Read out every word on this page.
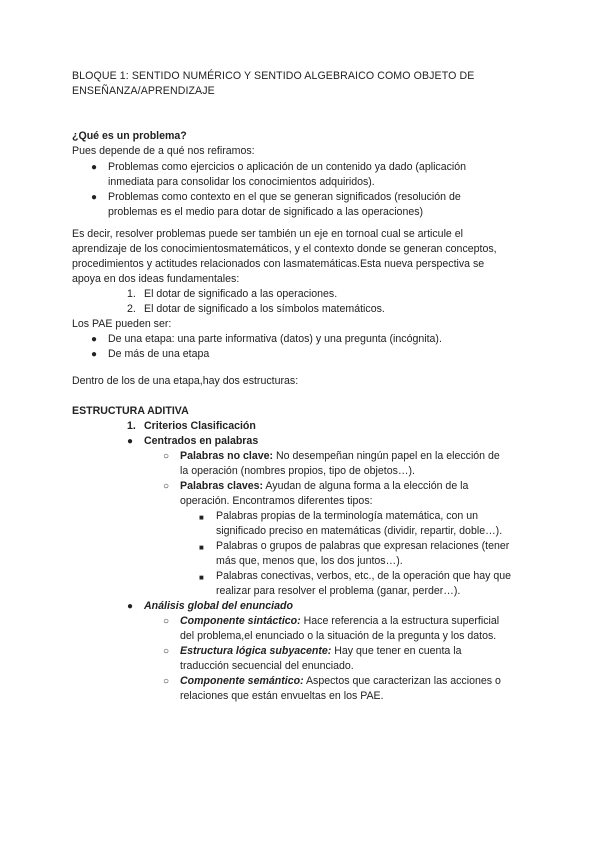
BLOQUE 1: SENTIDO NUMÉRICO Y SENTIDO ALGEBRAICO COMO OBJETO DE
ENSEÑANZA/APRENDIZAJE
¿Qué es un problema?
Pues depende de a qué nos refiramos:
● Problemas como ejercicios o aplicación de un contenido ya dado (aplicación
inmediata para consolidar los conocimientos adquiridos).
● Problemas como contexto en el que se generan significados (resolución de
problemas es el medio para dotar de significado a las operaciones)
Es decir, resolver problemas puede ser también un eje en tornoal cual se articule el
aprendizaje de los conocimientosmatemáticos, y el contexto donde se generan conceptos,
procedimientos y actitudes relacionados con lasmatemáticas.Esta nueva perspectiva se
apoya en dos ideas fundamentales:
1. El dotar de significado a las operaciones.
2. El dotar de significado a los símbolos matemáticos.
Los PAE pueden ser:
● De una etapa: una parte informativa (datos) y una pregunta (incógnita).
● De más de una etapa
Dentro de los de una etapa,hay dos estructuras:
ESTRUCTURA ADITIVA
1. Criterios Clasificación
● Centrados en palabras
○ Palabras no clave: No desempeñan ningún papel en la elección de
la operación (nombres propios, tipo de objetos…).
○ Palabras claves: Ayudan de alguna forma a la elección de la
operación. Encontramos diferentes tipos:
■ Palabras propias de la terminología matemática, con un
significado preciso en matemáticas (dividir, repartir, doble…).
■ Palabras o grupos de palabras que expresan relaciones (tener
más que, menos que, los dos juntos…).
■ Palabras conectivas, verbos, etc., de la operación que hay que
realizar para resolver el problema (ganar, perder…).
● Análisis global del enunciado
○ Componente sintáctico: Hace referencia a la estructura superficial
del problema,el enunciado o la situación de la pregunta y los datos.
○ Estructura lógica subyacente: Hay que tener en cuenta la
traducción secuencial del enunciado.
○ Componente semántico: Aspectos que caracterizan las acciones o
relaciones que están envueltas en los PAE.
